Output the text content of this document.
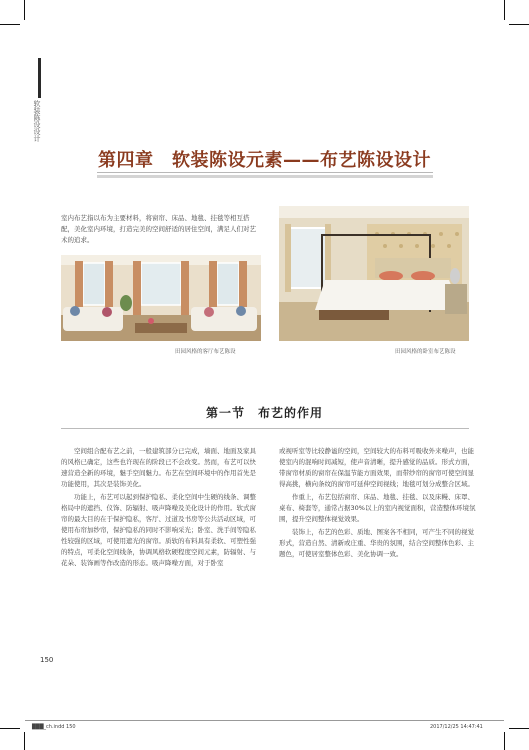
软装陈设设计
第四章　软装陈设元素——布艺陈设设计

室内布艺指以布为主要材料，将窗帘、床品、地毯、挂毯等相互搭配，美化室内环境，打造完美的空间舒适的居住空间，满足人们对艺术的追求。

田园风格的客厅布艺陈设	田园风格的卧室布艺陈设
第一节　布艺的作用

空间组合配布艺之前，一般建筑部分已完成，墙面、地面及家具的风格已确定，这些也许现在的阶段已不会改变。然而，布艺可以快速营造全新的环境，魅手空间魅力。布艺在空间环境中的作用首先是功能使用，其次是装饰美化。

功能上，布艺可以起到保护隐私、柔化空间中生硬的线条、调整格局中的遮挡、仪饰、防辐射、吸声降噪及美化设计的作用。软式窗帘的最大目的在于保护隐私，客厅、过道及书房等公共活动区域，可使用布帘加纱帘，保护隐私的同时不影响采光；卧室、洗手间等隐私性较强的区域，可使用遮光的窗帘。质软的布料具有柔软、可塑性强的特点，可柔化空间线条，协调风格软硬程度空间元素，防辐射、与花朵、装饰画等作改造的形态。吸声降噪方面，对于卧室

或视听室等比较静谧的空间，空间较大的布料可吸收外来噪声，也能使室内的混响时间减短，使声音清晰，提升感觉的品质。形式方面，带窗帘材质的窗帘在保温节能方面效果，而带纱帘的窗帘可使空间显得高挑，横向条纹的窗帘可延伸空间视线；地毯可划分成整合区域。

作重上，布艺包括窗帘、床品、地毯、挂毯、以及床幔、床罩、桌布、椅套等，通常占据30%以上的室内视觉面积，营造整体环境氛围，提升空间整体视觉效果。

装饰上，布艺的色彩、质地、图案各不相同，可产生不同的视觉形式，营造自然、清新或庄重、华贵的氛围，结合空间整体色彩、主题色，可使居室整体色彩、美化协调一致。

150
███_ch.indd 150	2017/12/25 14:47:41
